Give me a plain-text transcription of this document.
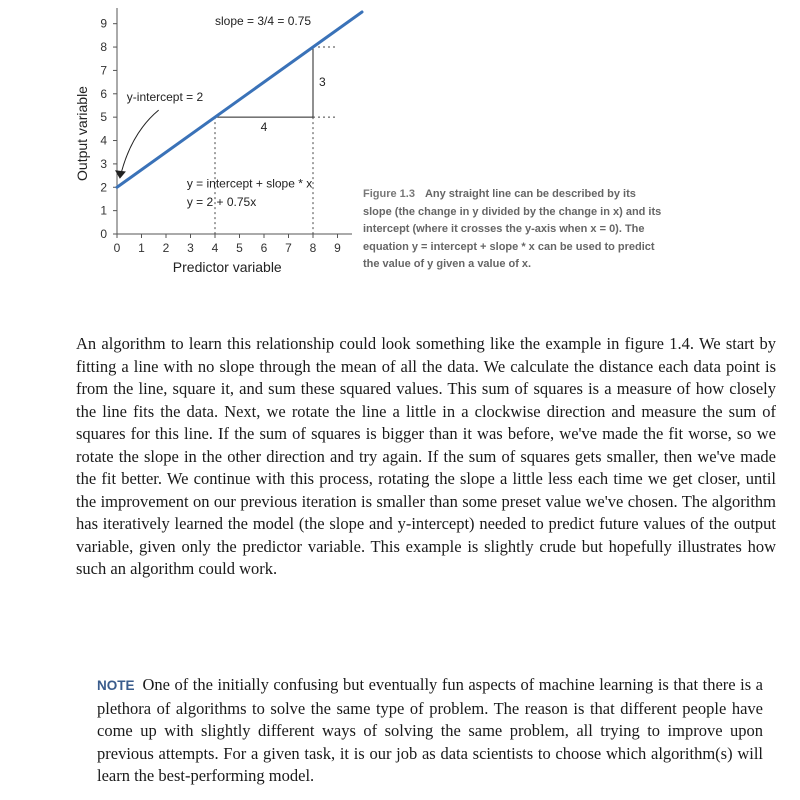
0 1 2 3 4 5 6 7 8 9
0
1
2
3
4
5
6
7
8
9
Predictor variable
Output variable	4
3
slope = 3/4 = 0.75
y-intercept = 2
y = intercept + slope * x
y = 2 + 0.75x
Figure 1.3 Any straight line can be described by its
slope (the change in y divided by the change in x) and its
intercept (where it crosses the y-axis when x = 0). The
equation y = intercept + slope * x can be used to predict
the value of y given a value of x.
An algorithm to learn this relationship could look something like the example in figure 1.4. We start by fitting a line with no slope through the mean of all the data. We calculate the distance each data point is from the line, square it, and sum these squared values. This sum of squares is a measure of how closely the line fits the data. Next, we rotate the line a little in a clockwise direction and measure the sum of squares for this line. If the sum of squares is bigger than it was before, we've made the fit worse, so we rotate the slope in the other direction and try again. If the sum of squares gets smaller, then we've made the fit better. We continue with this process, rotating the slope a little less each time we get closer, until the improvement on our previous iteration is smaller than some preset value we've chosen. The algorithm has iteratively learned the model (the slope and y-intercept) needed to predict future values of the output variable, given only the predictor variable. This example is slightly crude but hopefully illustrates how such an algorithm could work.
NOTE One of the initially confusing but eventually fun aspects of machine learning is that there is a plethora of algorithms to solve the same type of problem. The reason is that different people have come up with slightly different ways of solving the same problem, all trying to improve upon previous attempts. For a given task, it is our job as data scientists to choose which algorithm(s) will learn the best-performing model.
